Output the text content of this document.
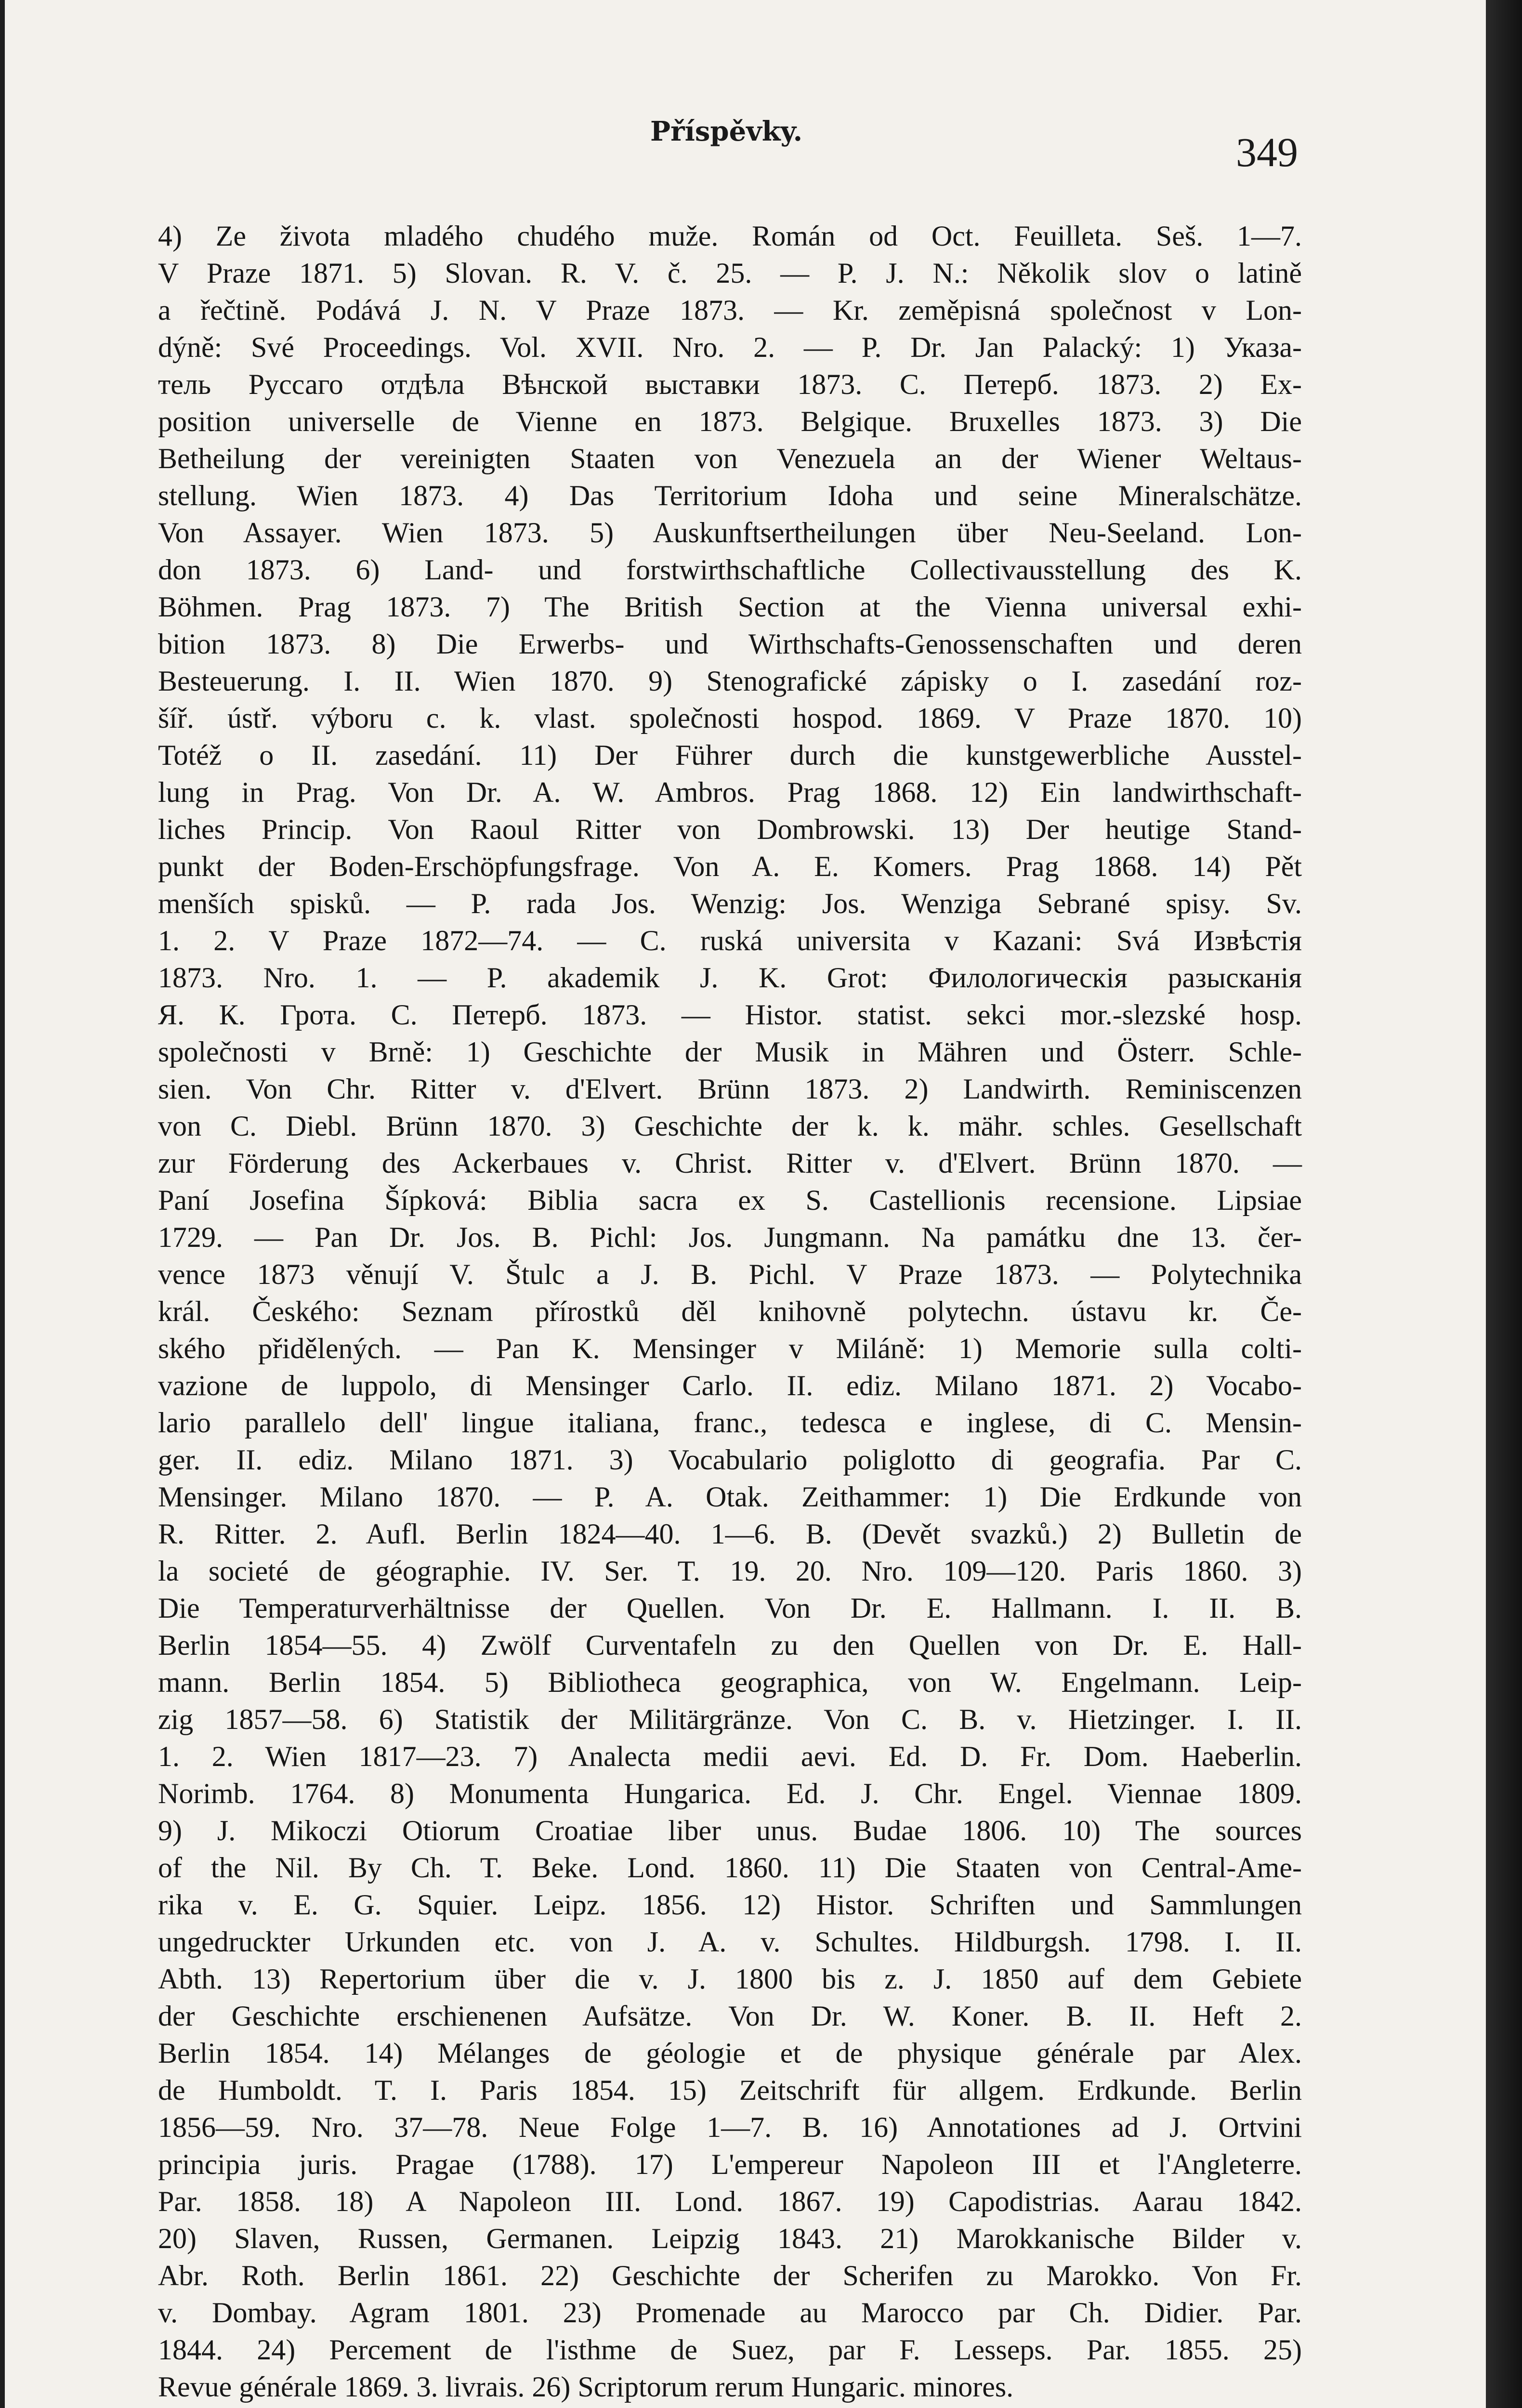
Příspěvky.	349
4) Ze života mladého chudého muže. Román od Oct. Feuilleta. Seš. 1—7.
V Praze 1871. 5) Slovan. R. V. č. 25. — P. J. N.: Několik slov o latině
a řečtině. Podává J. N. V Praze 1873. — Kr. zeměpisná společnost v Lon-
dýně: Své Proceedings. Vol. XVII. Nro. 2. — P. Dr. Jan Palacký: 1) Указа-
тель Руссаго отдѣла Вѣнской выставки 1873. С. Петерб. 1873. 2) Ex-
position universelle de Vienne en 1873. Belgique. Bruxelles 1873. 3) Die
Betheilung der vereinigten Staaten von Venezuela an der Wiener Weltaus-
stellung. Wien 1873. 4) Das Territorium Idoha und seine Mineralschätze.
Von Assayer. Wien 1873. 5) Auskunftsertheilungen über Neu-Seeland. Lon-
don 1873. 6) Land- und forstwirthschaftliche Collectivausstellung des K.
Böhmen. Prag 1873. 7) The British Section at the Vienna universal exhi-
bition 1873. 8) Die Erwerbs- und Wirthschafts-Genossenschaften und deren
Besteuerung. I. II. Wien 1870. 9) Stenografické zápisky o I. zasedání roz-
šíř. ústř. výboru c. k. vlast. společnosti hospod. 1869. V Praze 1870. 10)
Totéž o II. zasedání. 11) Der Führer durch die kunstgewerbliche Ausstel-
lung in Prag. Von Dr. A. W. Ambros. Prag 1868. 12) Ein landwirthschaft-
liches Princip. Von Raoul Ritter von Dombrowski. 13) Der heutige Stand-
punkt der Boden-Erschöpfungsfrage. Von A. E. Komers. Prag 1868. 14) Pět
menších spisků. — P. rada Jos. Wenzig: Jos. Wenziga Sebrané spisy. Sv.
1. 2. V Praze 1872—74. — C. ruská universita v Kazani: Svá Извѣстія
1873. Nro. 1. — P. akademik J. K. Grot: Филологическія разысканія
Я. К. Грота. С. Петерб. 1873. — Histor. statist. sekci mor.-slezské hosp.
společnosti v Brně: 1) Geschichte der Musik in Mähren und Österr. Schle-
sien. Von Chr. Ritter v. d'Elvert. Brünn 1873. 2) Landwirth. Reminiscenzen
von C. Diebl. Brünn 1870. 3) Geschichte der k. k. mähr. schles. Gesellschaft
zur Förderung des Ackerbaues v. Christ. Ritter v. d'Elvert. Brünn 1870. —
Paní Josefina Šípková: Biblia sacra ex S. Castellionis recensione. Lipsiae
1729. — Pan Dr. Jos. B. Pichl: Jos. Jungmann. Na památku dne 13. čer-
vence 1873 věnují V. Štulc a J. B. Pichl. V Praze 1873. — Polytechnika
král. Českého: Seznam přírostků děl knihovně polytechn. ústavu kr. Če-
ského přidělených. — Pan K. Mensinger v Miláně: 1) Memorie sulla colti-
vazione de luppolo, di Mensinger Carlo. II. ediz. Milano 1871. 2) Vocabo-
lario parallelo dell' lingue italiana, franc., tedesca e inglese, di C. Mensin-
ger. II. ediz. Milano 1871. 3) Vocabulario poliglotto di geografia. Par C.
Mensinger. Milano 1870. — P. A. Otak. Zeithammer: 1) Die Erdkunde von
R. Ritter. 2. Aufl. Berlin 1824—40. 1—6. B. (Devět svazků.) 2) Bulletin de
la societé de géographie. IV. Ser. T. 19. 20. Nro. 109—120. Paris 1860. 3)
Die Temperaturverhältnisse der Quellen. Von Dr. E. Hallmann. I. II. B.
Berlin 1854—55. 4) Zwölf Curventafeln zu den Quellen von Dr. E. Hall-
mann. Berlin 1854. 5) Bibliotheca geographica, von W. Engelmann. Leip-
zig 1857—58. 6) Statistik der Militärgränze. Von C. B. v. Hietzinger. I. II.
1. 2. Wien 1817—23. 7) Analecta medii aevi. Ed. D. Fr. Dom. Haeberlin.
Norimb. 1764. 8) Monumenta Hungarica. Ed. J. Chr. Engel. Viennae 1809.
9) J. Mikoczi Otiorum Croatiae liber unus. Budae 1806. 10) The sources
of the Nil. By Ch. T. Beke. Lond. 1860. 11) Die Staaten von Central-Ame-
rika v. E. G. Squier. Leipz. 1856. 12) Histor. Schriften und Sammlungen
ungedruckter Urkunden etc. von J. A. v. Schultes. Hildburgsh. 1798. I. II.
Abth. 13) Repertorium über die v. J. 1800 bis z. J. 1850 auf dem Gebiete
der Geschichte erschienenen Aufsätze. Von Dr. W. Koner. B. II. Heft 2.
Berlin 1854. 14) Mélanges de géologie et de physique générale par Alex.
de Humboldt. T. I. Paris 1854. 15) Zeitschrift für allgem. Erdkunde. Berlin
1856—59. Nro. 37—78. Neue Folge 1—7. B. 16) Annotationes ad J. Ortvini
principia juris. Pragae (1788). 17) L'empereur Napoleon III et l'Angleterre.
Par. 1858. 18) A Napoleon III. Lond. 1867. 19) Capodistrias. Aarau 1842.
20) Slaven, Russen, Germanen. Leipzig 1843. 21) Marokkanische Bilder v.
Abr. Roth. Berlin 1861. 22) Geschichte der Scherifen zu Marokko. Von Fr.
v. Dombay. Agram 1801. 23) Promenade au Marocco par Ch. Didier. Par.
1844. 24) Percement de l'isthme de Suez, par F. Lesseps. Par. 1855. 25)
Revue générale 1869. 3. livrais. 26) Scriptorum rerum Hungaric. minores.
